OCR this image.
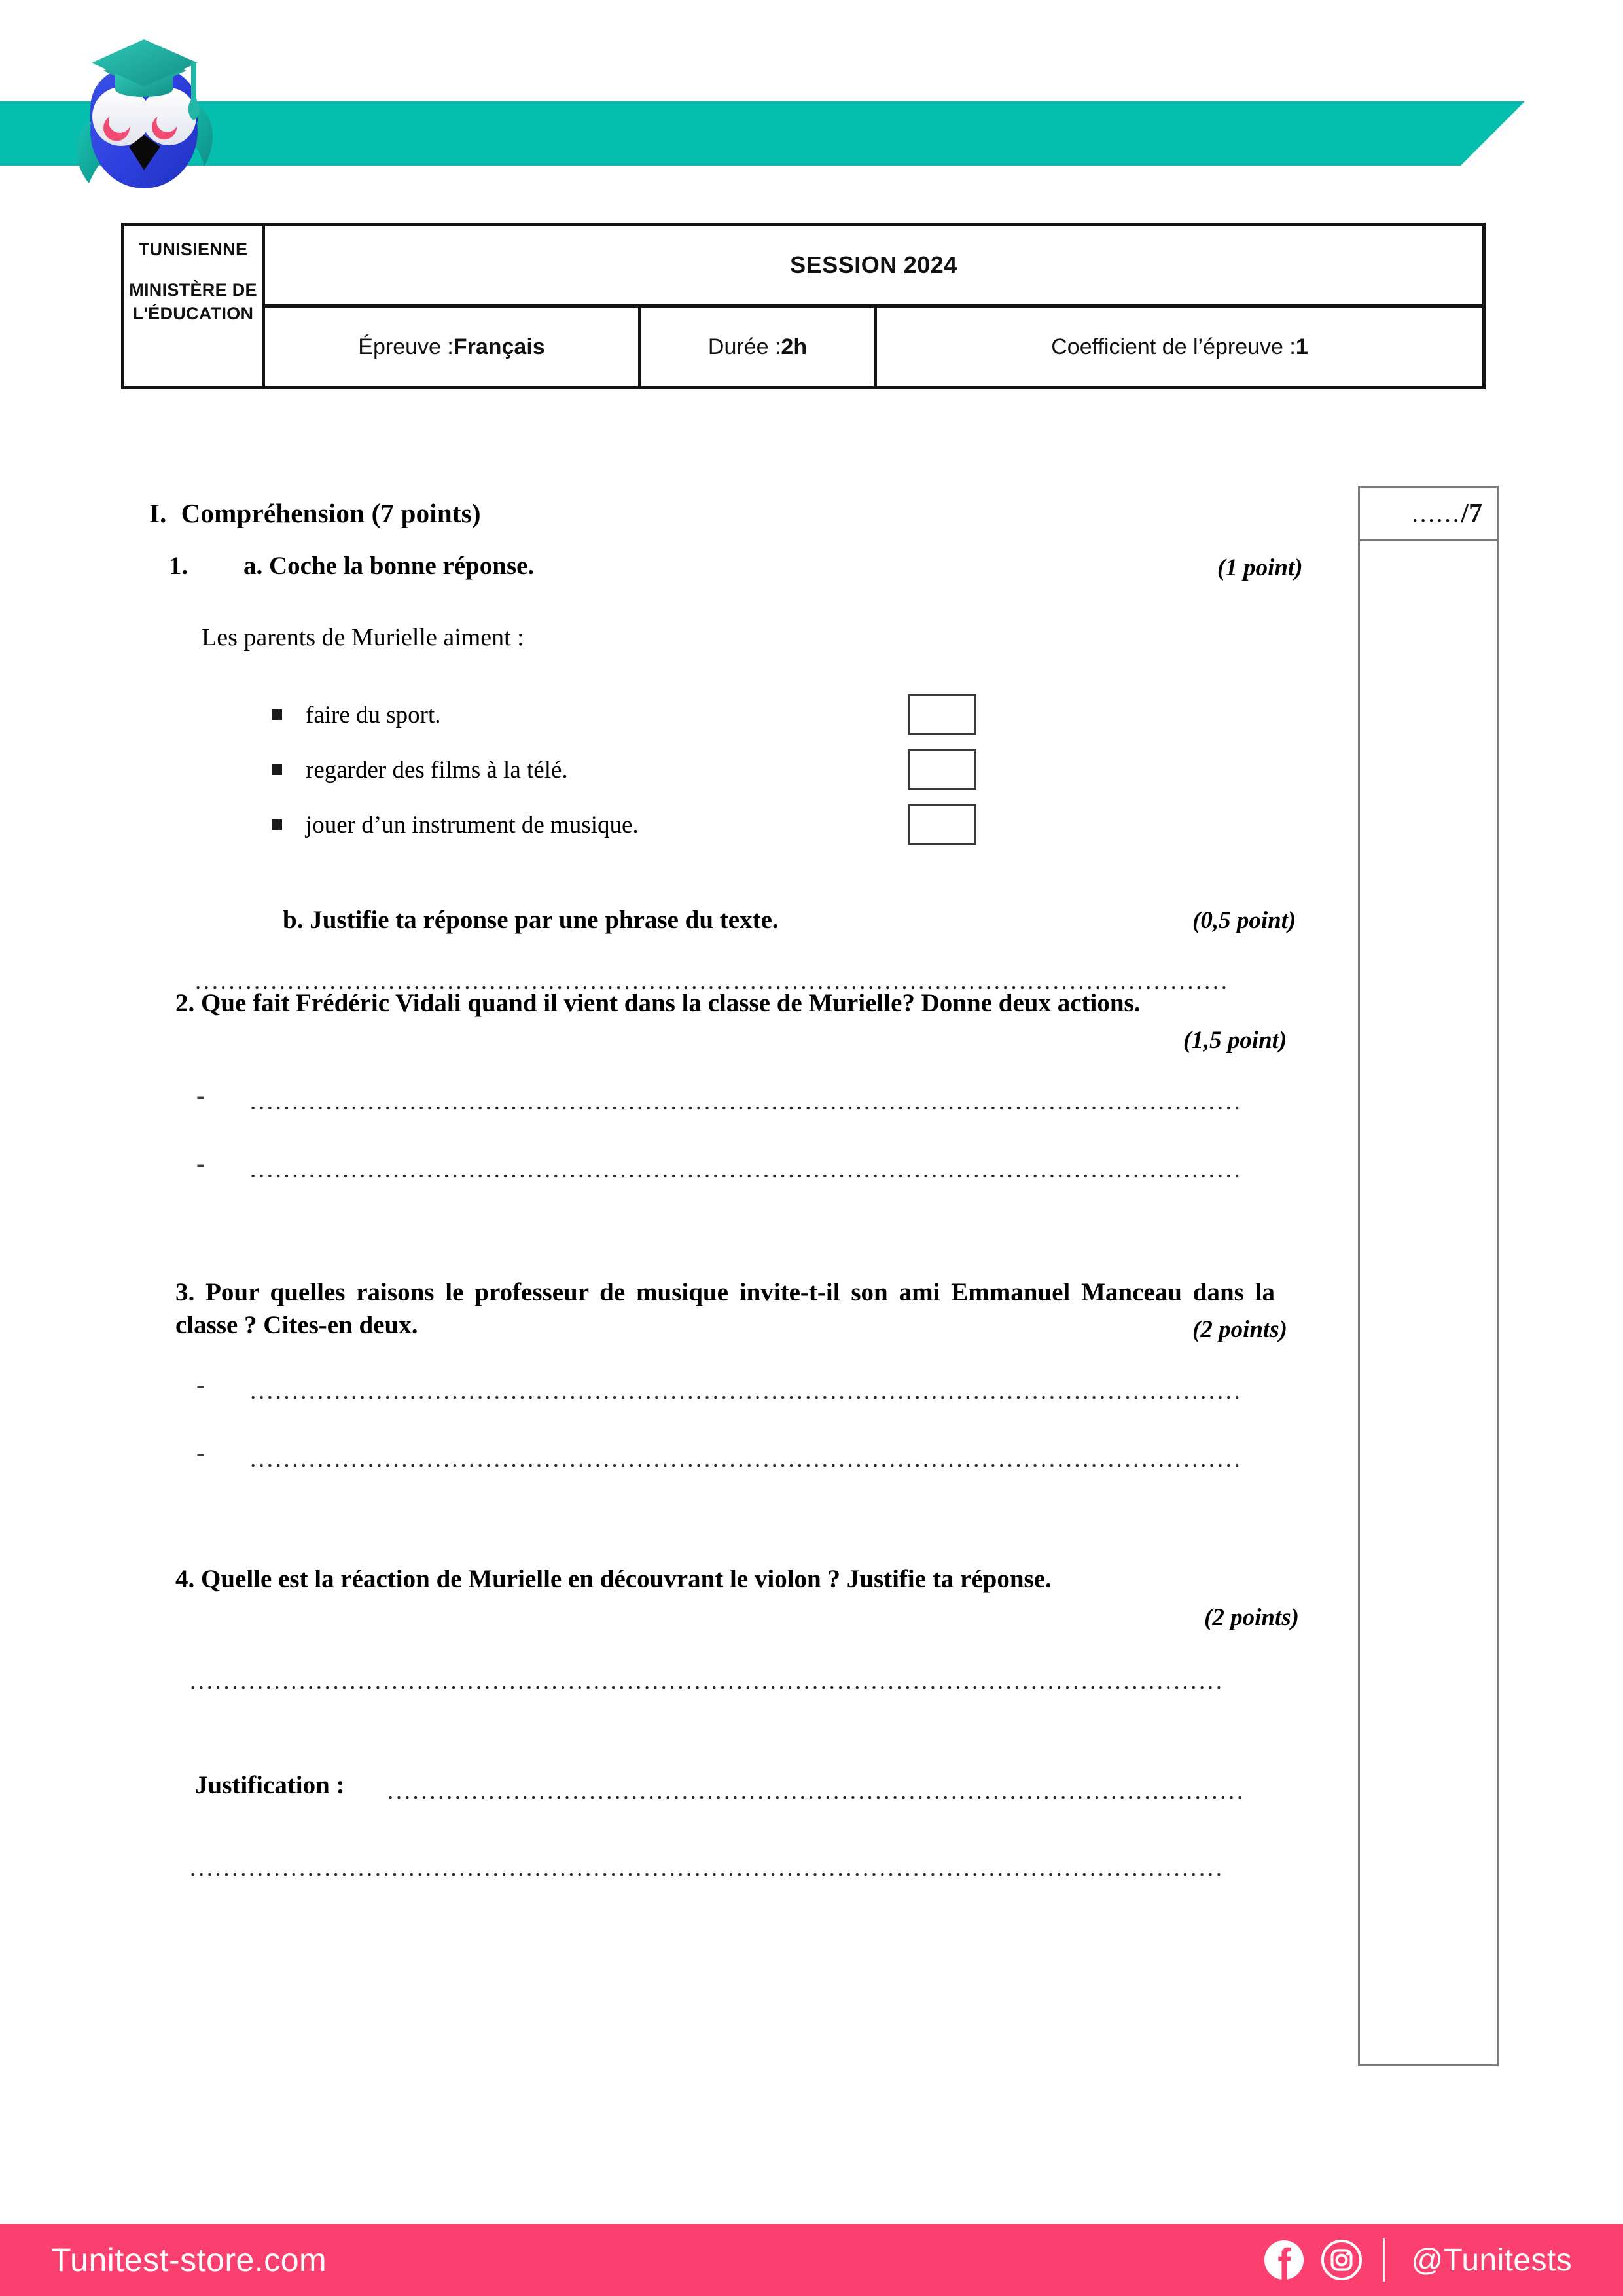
TUNISIENNE
MINISTÈRE DE
L'ÉDUCATION
SESSION 2024
Épreuve : Français	Durée : 2h	Coefficient de l’épreuve : 1
...... /7
I. Compréhension (7 points)
1. a. Coche la bonne réponse.	(1 point)
Les parents de Murielle aiment :
faire du sport.
regarder des films à la télé.
jouer d’un instrument de musique.
b. Justifie ta réponse par une phrase du texte.	(0,5 point)
...........................................................................................................................
2. Que fait Frédéric Vidali quand il vient dans la classe de Murielle? Donne deux actions.
(1,5 point)
- ......................................................................................................................
- ......................................................................................................................
3. Pour quelles raisons le professeur de musique invite-t-il son ami Emmanuel Manceau dans la classe ? Cites-en deux.	(2 points)
- ......................................................................................................................
- ......................................................................................................................
4. Quelle est la réaction de Murielle en découvrant le violon ? Justifie ta réponse.
(2 points)
...........................................................................................................................
Justification : ......................................................................................................
...........................................................................................................................
Tunitest-store.com	@Tunitests
